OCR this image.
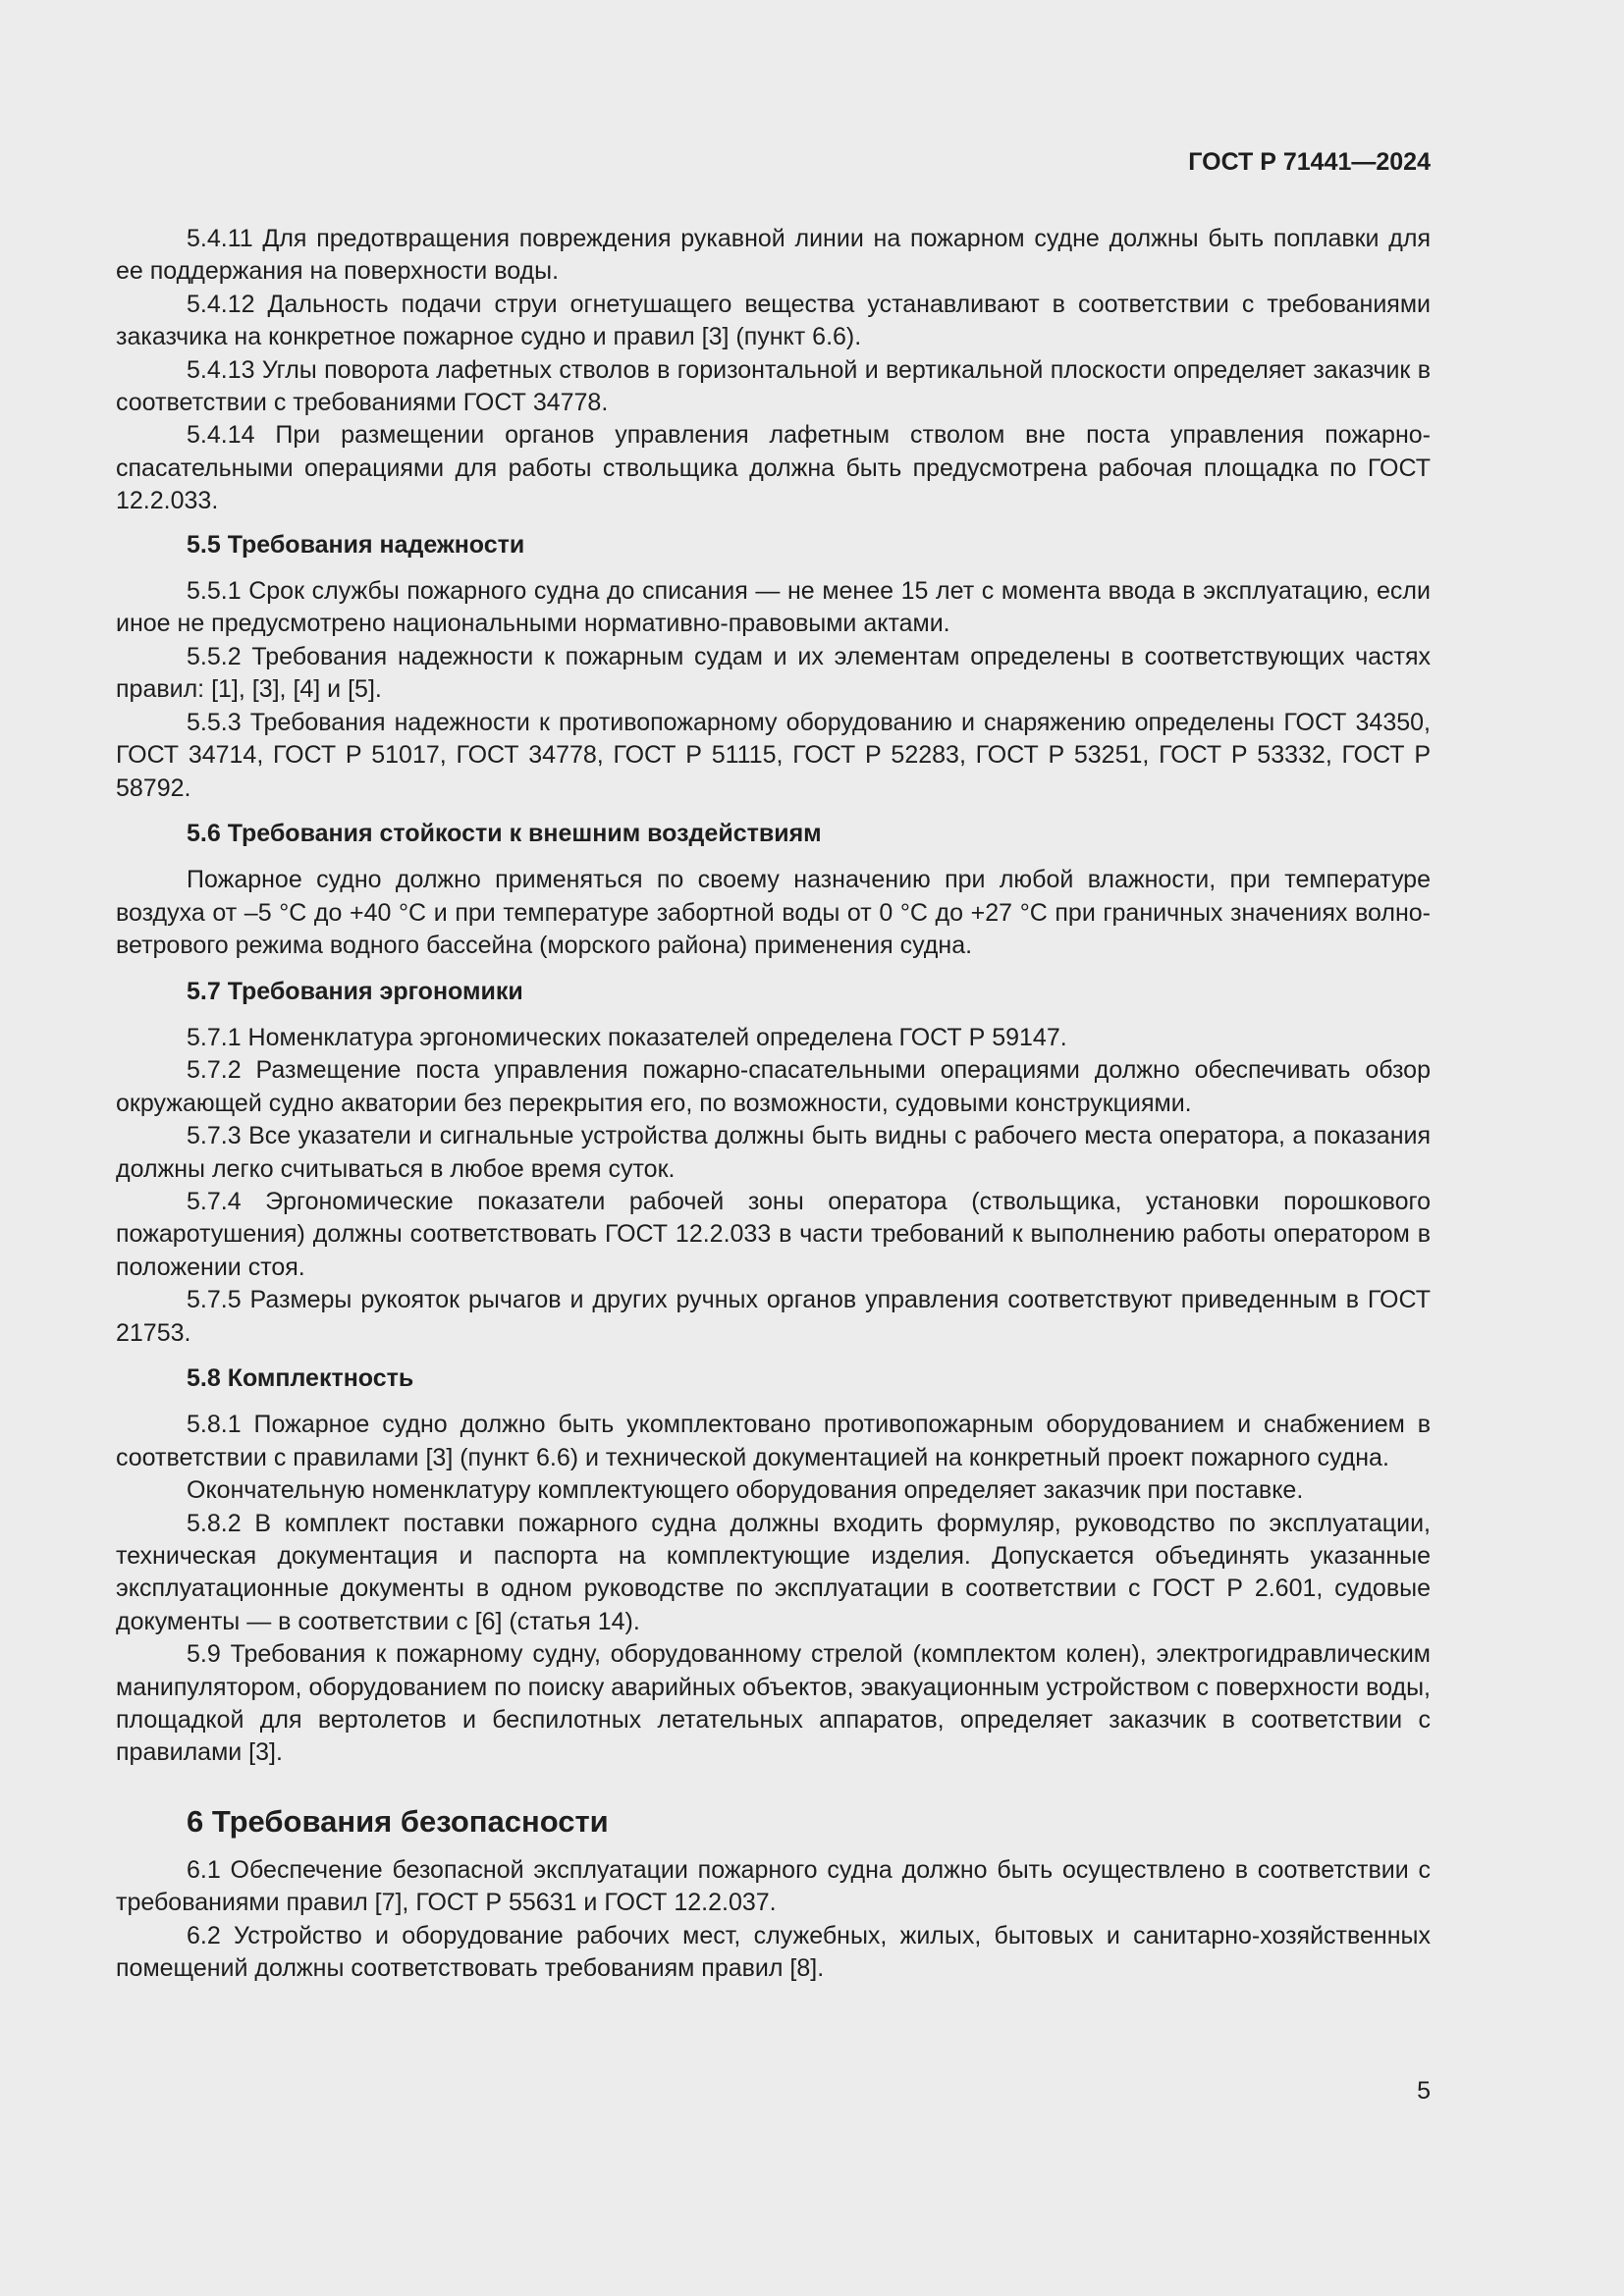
ГОСТ Р 71441—2024

5.4.11 Для предотвращения повреждения рукавной линии на пожарном судне должны быть поплавки для ее поддержания на поверхности воды.

5.4.12 Дальность подачи струи огнетушащего вещества устанавливают в соответствии с требованиями заказчика на конкретное пожарное судно и правил [3] (пункт 6.6).

5.4.13 Углы поворота лафетных стволов в горизонтальной и вертикальной плоскости определяет заказчик в соответствии с требованиями ГОСТ 34778.

5.4.14 При размещении органов управления лафетным стволом вне поста управления пожарно-спасательными операциями для работы ствольщика должна быть предусмотрена рабочая площадка по ГОСТ 12.2.033.

5.5 Требования надежности

5.5.1 Срок службы пожарного судна до списания — не менее 15 лет с момента ввода в эксплуатацию, если иное не предусмотрено национальными нормативно-правовыми актами.

5.5.2 Требования надежности к пожарным судам и их элементам определены в соответствующих частях правил: [1], [3], [4] и [5].

5.5.3 Требования надежности к противопожарному оборудованию и снаряжению определены ГОСТ 34350, ГОСТ 34714, ГОСТ Р 51017, ГОСТ 34778, ГОСТ Р 51115, ГОСТ Р 52283, ГОСТ Р 53251, ГОСТ Р 53332, ГОСТ Р 58792.

5.6 Требования стойкости к внешним воздействиям

Пожарное судно должно применяться по своему назначению при любой влажности, при температуре воздуха от –5 °С до +40 °С и при температуре забортной воды от 0 °С до +27 °С при граничных значениях волно-ветрового режима водного бассейна (морского района) применения судна.

5.7 Требования эргономики

5.7.1 Номенклатура эргономических показателей определена ГОСТ Р 59147.

5.7.2 Размещение поста управления пожарно-спасательными операциями должно обеспечивать обзор окружающей судно акватории без перекрытия его, по возможности, судовыми конструкциями.

5.7.3 Все указатели и сигнальные устройства должны быть видны с рабочего места оператора, а показания должны легко считываться в любое время суток.

5.7.4 Эргономические показатели рабочей зоны оператора (ствольщика, установки порошкового пожаротушения) должны соответствовать ГОСТ 12.2.033 в части требований к выполнению работы оператором в положении стоя.

5.7.5 Размеры рукояток рычагов и других ручных органов управления соответствуют приведенным в ГОСТ 21753.

5.8 Комплектность

5.8.1 Пожарное судно должно быть укомплектовано противопожарным оборудованием и снабжением в соответствии с правилами [3] (пункт 6.6) и технической документацией на конкретный проект пожарного судна.

Окончательную номенклатуру комплектующего оборудования определяет заказчик при поставке.

5.8.2 В комплект поставки пожарного судна должны входить формуляр, руководство по эксплуатации, техническая документация и паспорта на комплектующие изделия. Допускается объединять указанные эксплуатационные документы в одном руководстве по эксплуатации в соответствии с ГОСТ Р 2.601, судовые документы — в соответствии с [6] (статья 14).

5.9 Требования к пожарному судну, оборудованному стрелой (комплектом колен), электрогидравлическим манипулятором, оборудованием по поиску аварийных объектов, эвакуационным устройством с поверхности воды, площадкой для вертолетов и беспилотных летательных аппаратов, определяет заказчик в соответствии с правилами [3].

6 Требования безопасности

6.1 Обеспечение безопасной эксплуатации пожарного судна должно быть осуществлено в соответствии с требованиями правил [7], ГОСТ Р 55631 и ГОСТ 12.2.037.

6.2 Устройство и оборудование рабочих мест, служебных, жилых, бытовых и санитарно-хозяйственных помещений должны соответствовать требованиям правил [8].

5
